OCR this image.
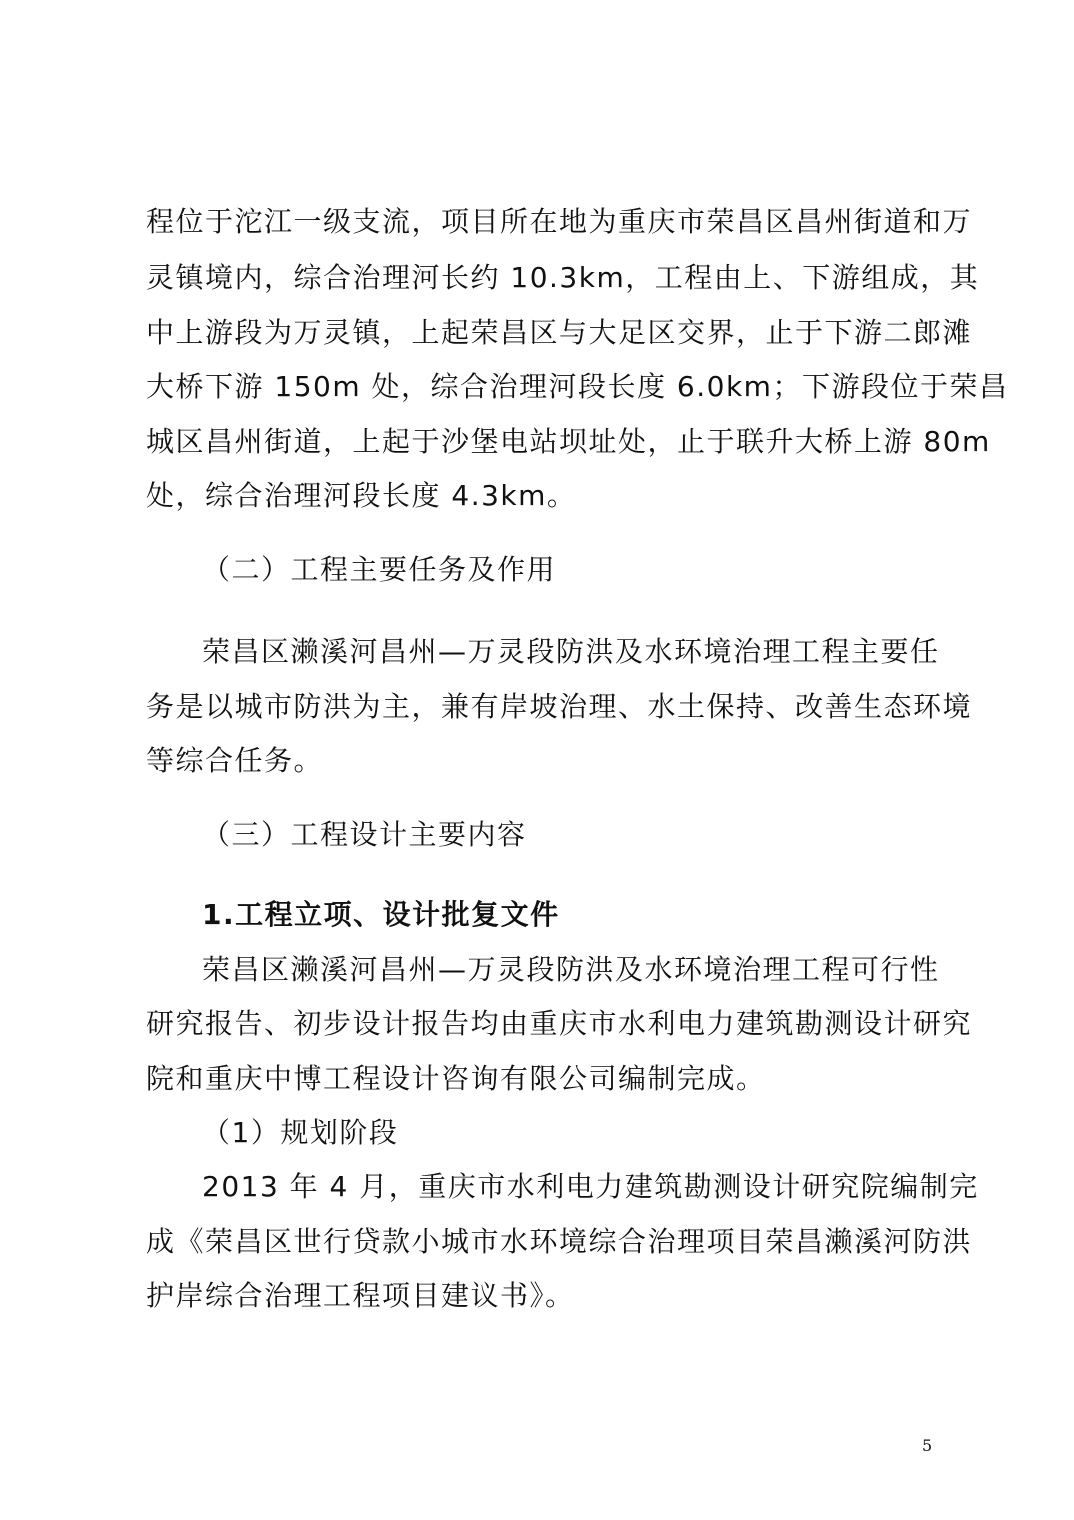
程位于沱江一级支流，项目所在地为重庆市荣昌区昌州街道和万
灵镇境内，综合治理河长约 10.3km，工程由上、下游组成，其
中上游段为万灵镇，上起荣昌区与大足区交界，止于下游二郎滩
大桥下游 150m 处，综合治理河段长度 6.0km；下游段位于荣昌
城区昌州街道，上起于沙堡电站坝址处，止于联升大桥上游 80m
处，综合治理河段长度 4.3km。
（二）工程主要任务及作用
荣昌区濑溪河昌州—万灵段防洪及水环境治理工程主要任
务是以城市防洪为主，兼有岸坡治理、水土保持、改善生态环境
等综合任务。
（三）工程设计主要内容
1.工程立项、设计批复文件
荣昌区濑溪河昌州—万灵段防洪及水环境治理工程可行性
研究报告、初步设计报告均由重庆市水利电力建筑勘测设计研究
院和重庆中博工程设计咨询有限公司编制完成。
（1）规划阶段
2013 年 4 月，重庆市水利电力建筑勘测设计研究院编制完
成《荣昌区世行贷款小城市水环境综合治理项目荣昌濑溪河防洪
护岸综合治理工程项目建议书》。
5
